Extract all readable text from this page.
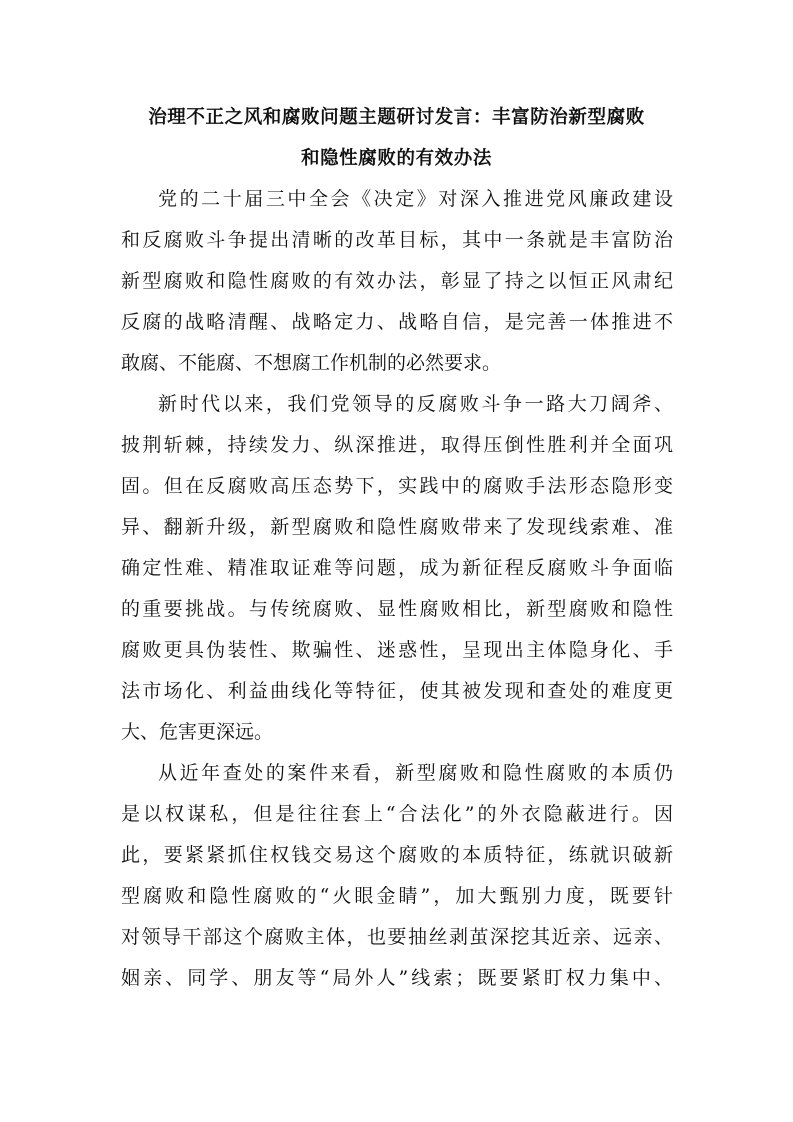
治理不正之风和腐败问题主题研讨发言：丰富防治新型腐败
和隐性腐败的有效办法
党的二十届三中全会《决定》对深入推进党风廉政建设
和反腐败斗争提出清晰的改革目标，其中一条就是丰富防治
新型腐败和隐性腐败的有效办法，彰显了持之以恒正风肃纪
反腐的战略清醒、战略定力、战略自信，是完善一体推进不
敢腐、不能腐、不想腐工作机制的必然要求。
新时代以来，我们党领导的反腐败斗争一路大刀阔斧、
披荆斩棘，持续发力、纵深推进，取得压倒性胜利并全面巩
固。但在反腐败高压态势下，实践中的腐败手法形态隐形变
异、翻新升级，新型腐败和隐性腐败带来了发现线索难、准
确定性难、精准取证难等问题，成为新征程反腐败斗争面临
的重要挑战。与传统腐败、显性腐败相比，新型腐败和隐性
腐败更具伪装性、欺骗性、迷惑性，呈现出主体隐身化、手
法市场化、利益曲线化等特征，使其被发现和查处的难度更
大、危害更深远。
从近年查处的案件来看，新型腐败和隐性腐败的本质仍
是以权谋私，但是往往套上“合法化”的外衣隐蔽进行。因
此，要紧紧抓住权钱交易这个腐败的本质特征，练就识破新
型腐败和隐性腐败的“火眼金睛”，加大甄别力度，既要针
对领导干部这个腐败主体，也要抽丝剥茧深挖其近亲、远亲、
姻亲、同学、朋友等“局外人”线索；既要紧盯权力集中、
